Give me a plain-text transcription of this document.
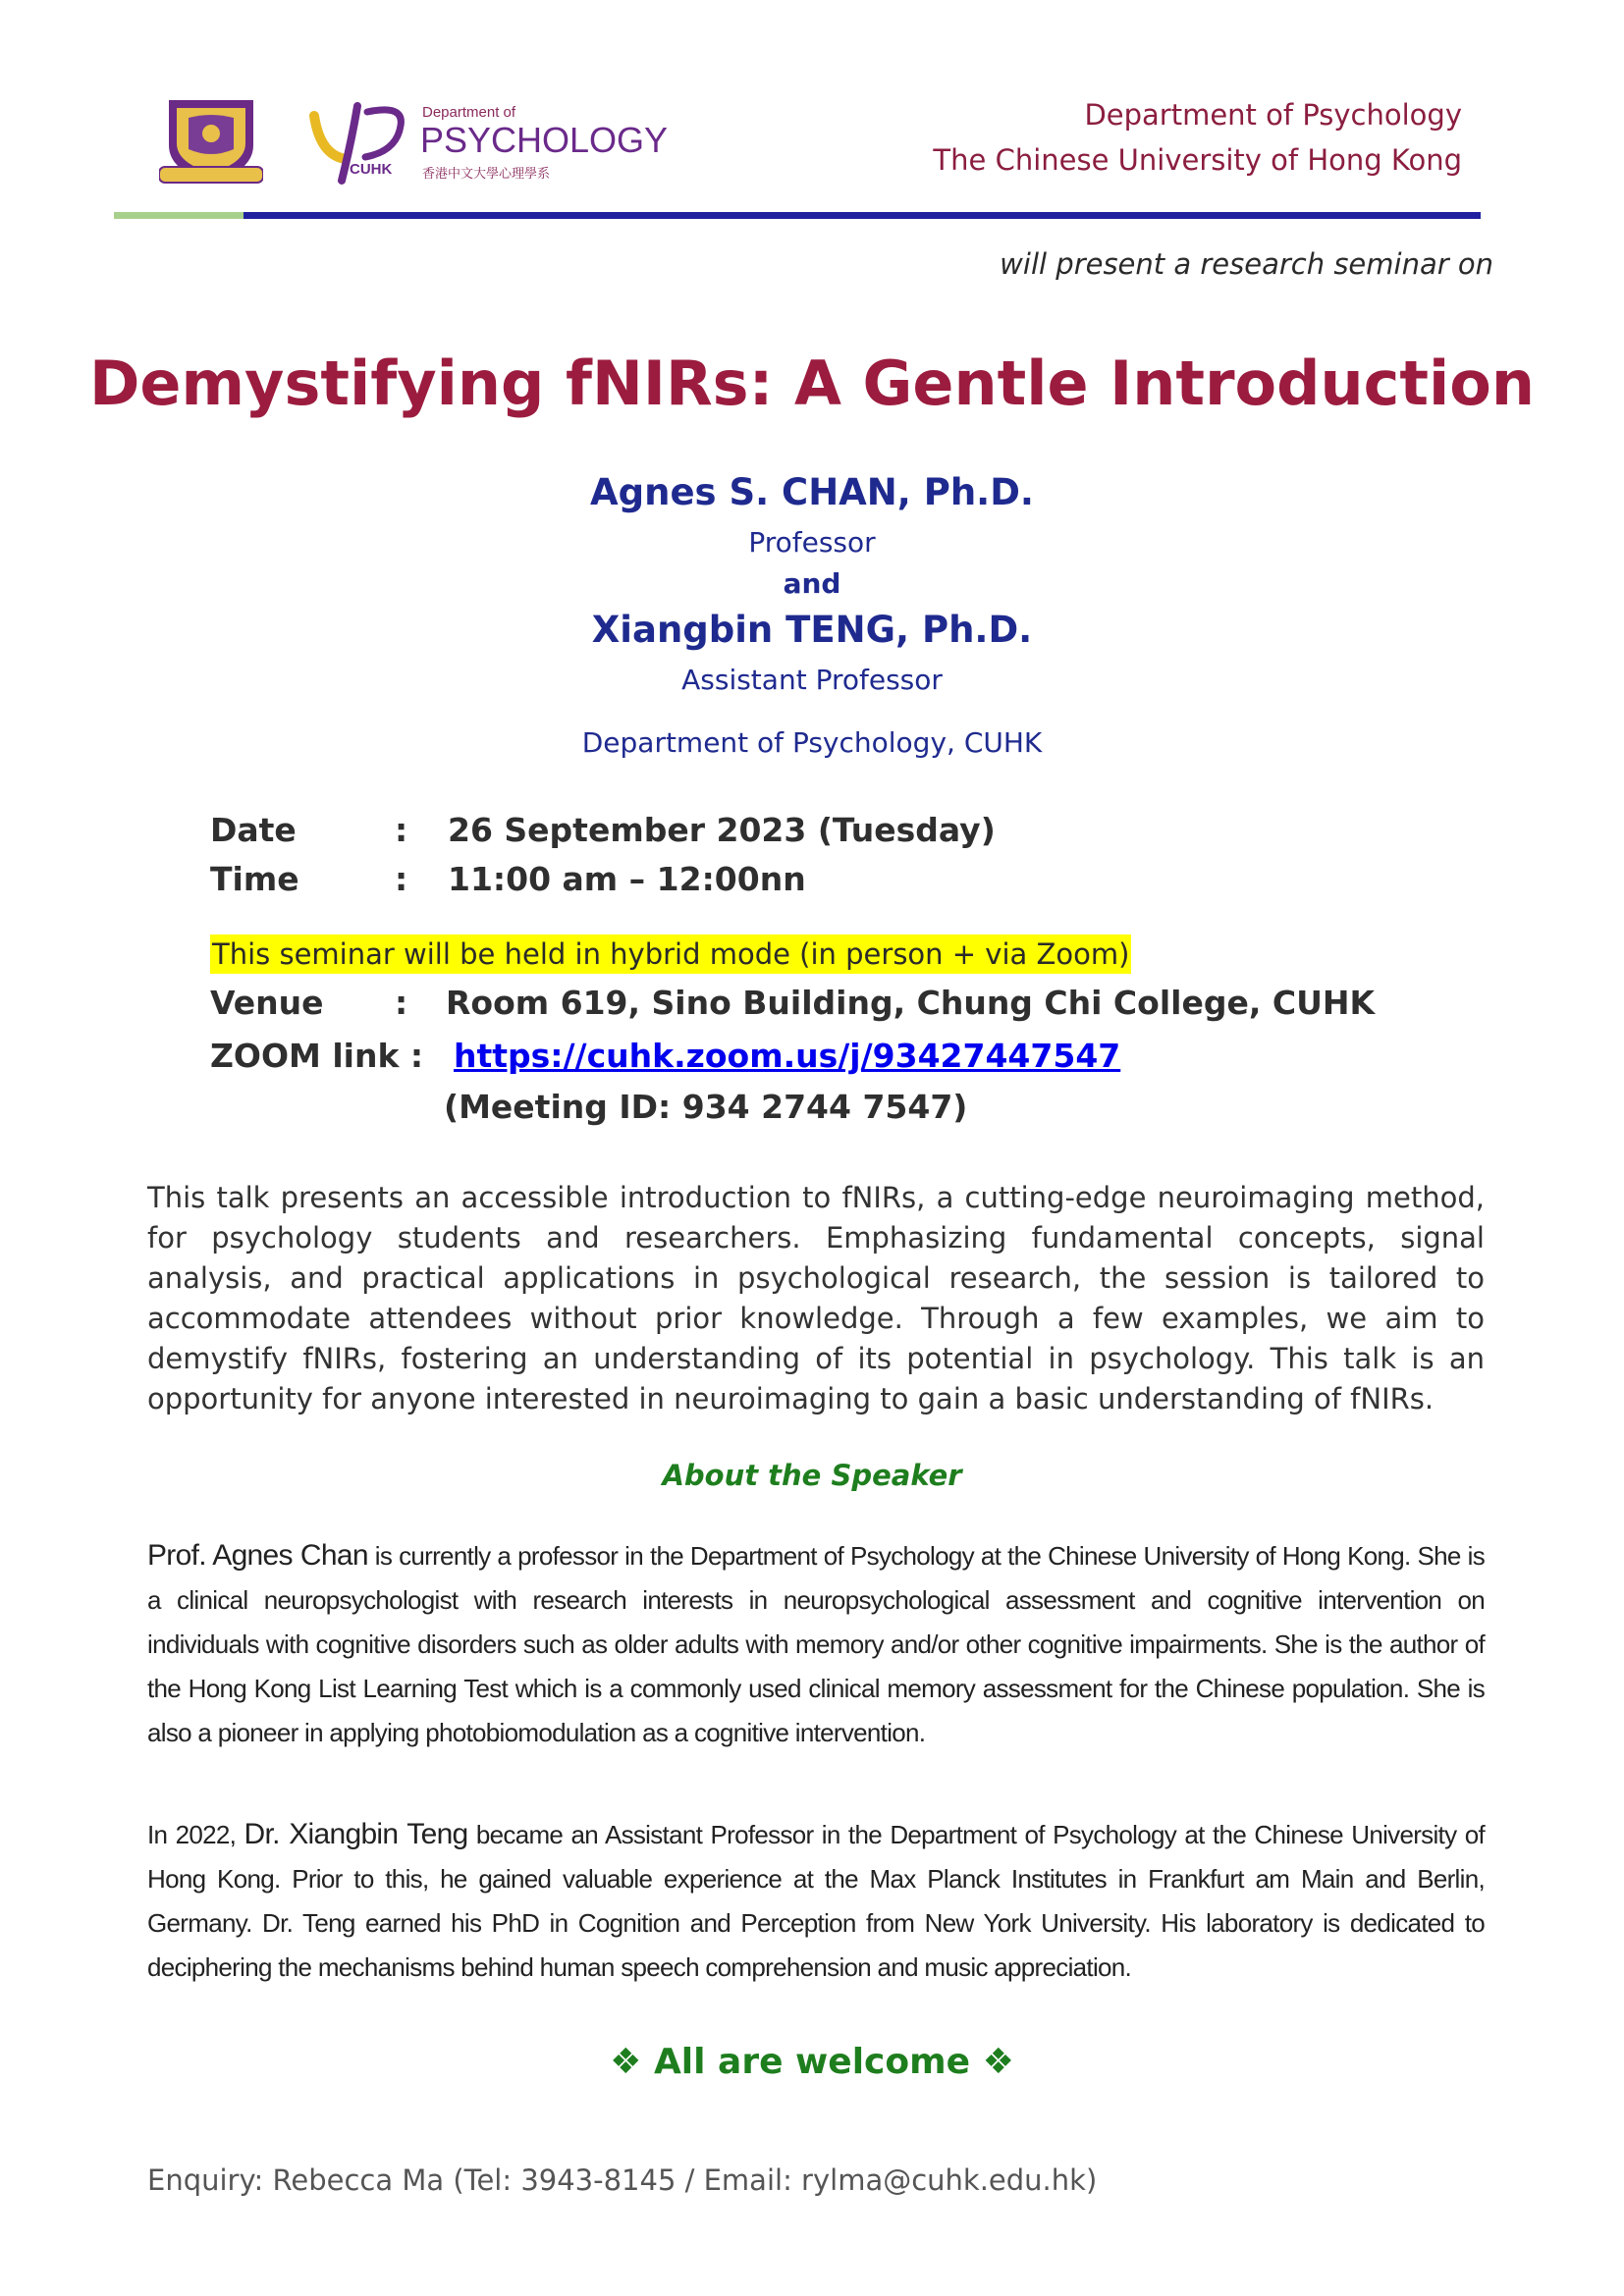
Department of
PSYCHOLOGY
CUHK 香港中文大學心理學系
Department of Psychology
The Chinese University of Hong Kong
will present a research seminar on
Demystifying fNIRs: A Gentle Introduction
Agnes S. CHAN, Ph.D.
Professor
and
Xiangbin TENG, Ph.D.
Assistant Professor
Department of Psychology, CUHK
Date	: 26 September 2023 (Tuesday)
Time	: 11:00 am – 12:00nn
This seminar will be held in hybrid mode (in person + via Zoom)
Venue : Room 619, Sino Building, Chung Chi College, CUHK
ZOOM link : https://cuhk.zoom.us/j/93427447547
(Meeting ID: 934 2744 7547)

This talk presents an accessible introduction to fNIRs, a cutting-edge neuroimaging method, for psychology students and researchers. Emphasizing fundamental concepts, signal analysis, and practical applications in psychological research, the session is tailored to accommodate attendees without prior knowledge. Through a few examples, we aim to demystify fNIRs, fostering an understanding of its potential in psychology. This talk is an opportunity for anyone interested in neuroimaging to gain a basic understanding of fNIRs.

About the Speaker

Prof. Agnes Chan is currently a professor in the Department of Psychology at the Chinese University of Hong Kong. She is a clinical neuropsychologist with research interests in neuropsychological assessment and cognitive intervention on individuals with cognitive disorders such as older adults with memory and/or other cognitive impairments. She is the author of the Hong Kong List Learning Test which is a commonly used clinical memory assessment for the Chinese population. She is also a pioneer in applying photobiomodulation as a cognitive intervention.

In 2022, Dr. Xiangbin Teng became an Assistant Professor in the Department of Psychology at the Chinese University of Hong Kong. Prior to this, he gained valuable experience at the Max Planck Institutes in Frankfurt am Main and Berlin, Germany. Dr. Teng earned his PhD in Cognition and Perception from New York University. His laboratory is dedicated to deciphering the mechanisms behind human speech comprehension and music appreciation.

❖ All are welcome ❖
Enquiry: Rebecca Ma (Tel: 3943-8145 / Email: rylma@cuhk.edu.hk)
